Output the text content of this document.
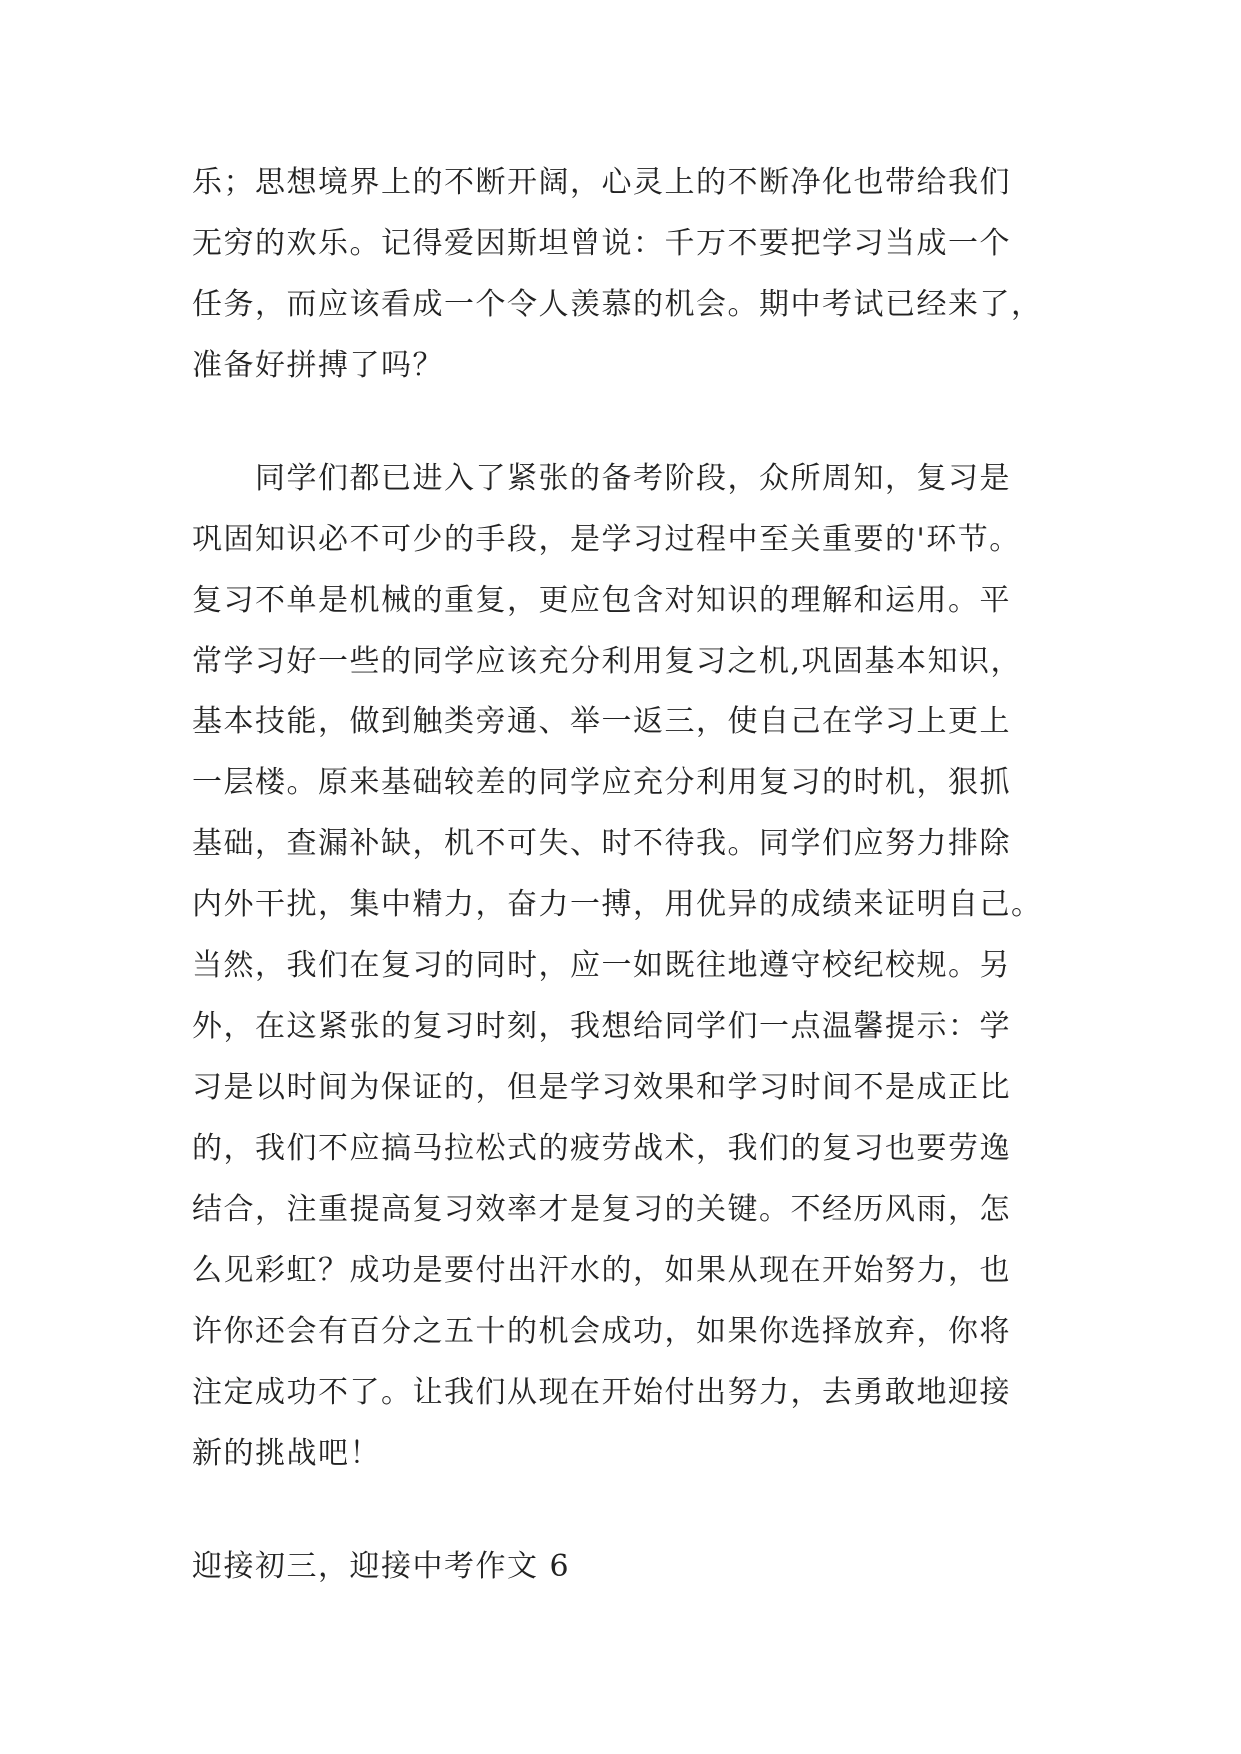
乐；思想境界上的不断开阔，心灵上的不断净化也带给我们
无穷的欢乐。记得爱因斯坦曾说：千万不要把学习当成一个
任务，而应该看成一个令人羡慕的机会。期中考试已经来了，
准备好拼搏了吗？
　　同学们都已进入了紧张的备考阶段，众所周知，复习是
巩固知识必不可少的手段，是学习过程中至关重要的'环节。
复习不单是机械的重复，更应包含对知识的理解和运用。平
常学习好一些的同学应该充分利用复习之机,巩固基本知识，
基本技能，做到触类旁通、举一返三，使自己在学习上更上
一层楼。原来基础较差的同学应充分利用复习的时机，狠抓
基础，查漏补缺，机不可失、时不待我。同学们应努力排除
内外干扰，集中精力，奋力一搏，用优异的成绩来证明自己。
当然，我们在复习的同时，应一如既往地遵守校纪校规。另
外，在这紧张的复习时刻，我想给同学们一点温馨提示：学
习是以时间为保证的，但是学习效果和学习时间不是成正比
的，我们不应搞马拉松式的疲劳战术，我们的复习也要劳逸
结合，注重提高复习效率才是复习的关键。不经历风雨，怎
么见彩虹？成功是要付出汗水的，如果从现在开始努力，也
许你还会有百分之五十的机会成功，如果你选择放弃，你将
注定成功不了。让我们从现在开始付出努力，去勇敢地迎接
新的挑战吧！
迎接初三，迎接中考作文 6
